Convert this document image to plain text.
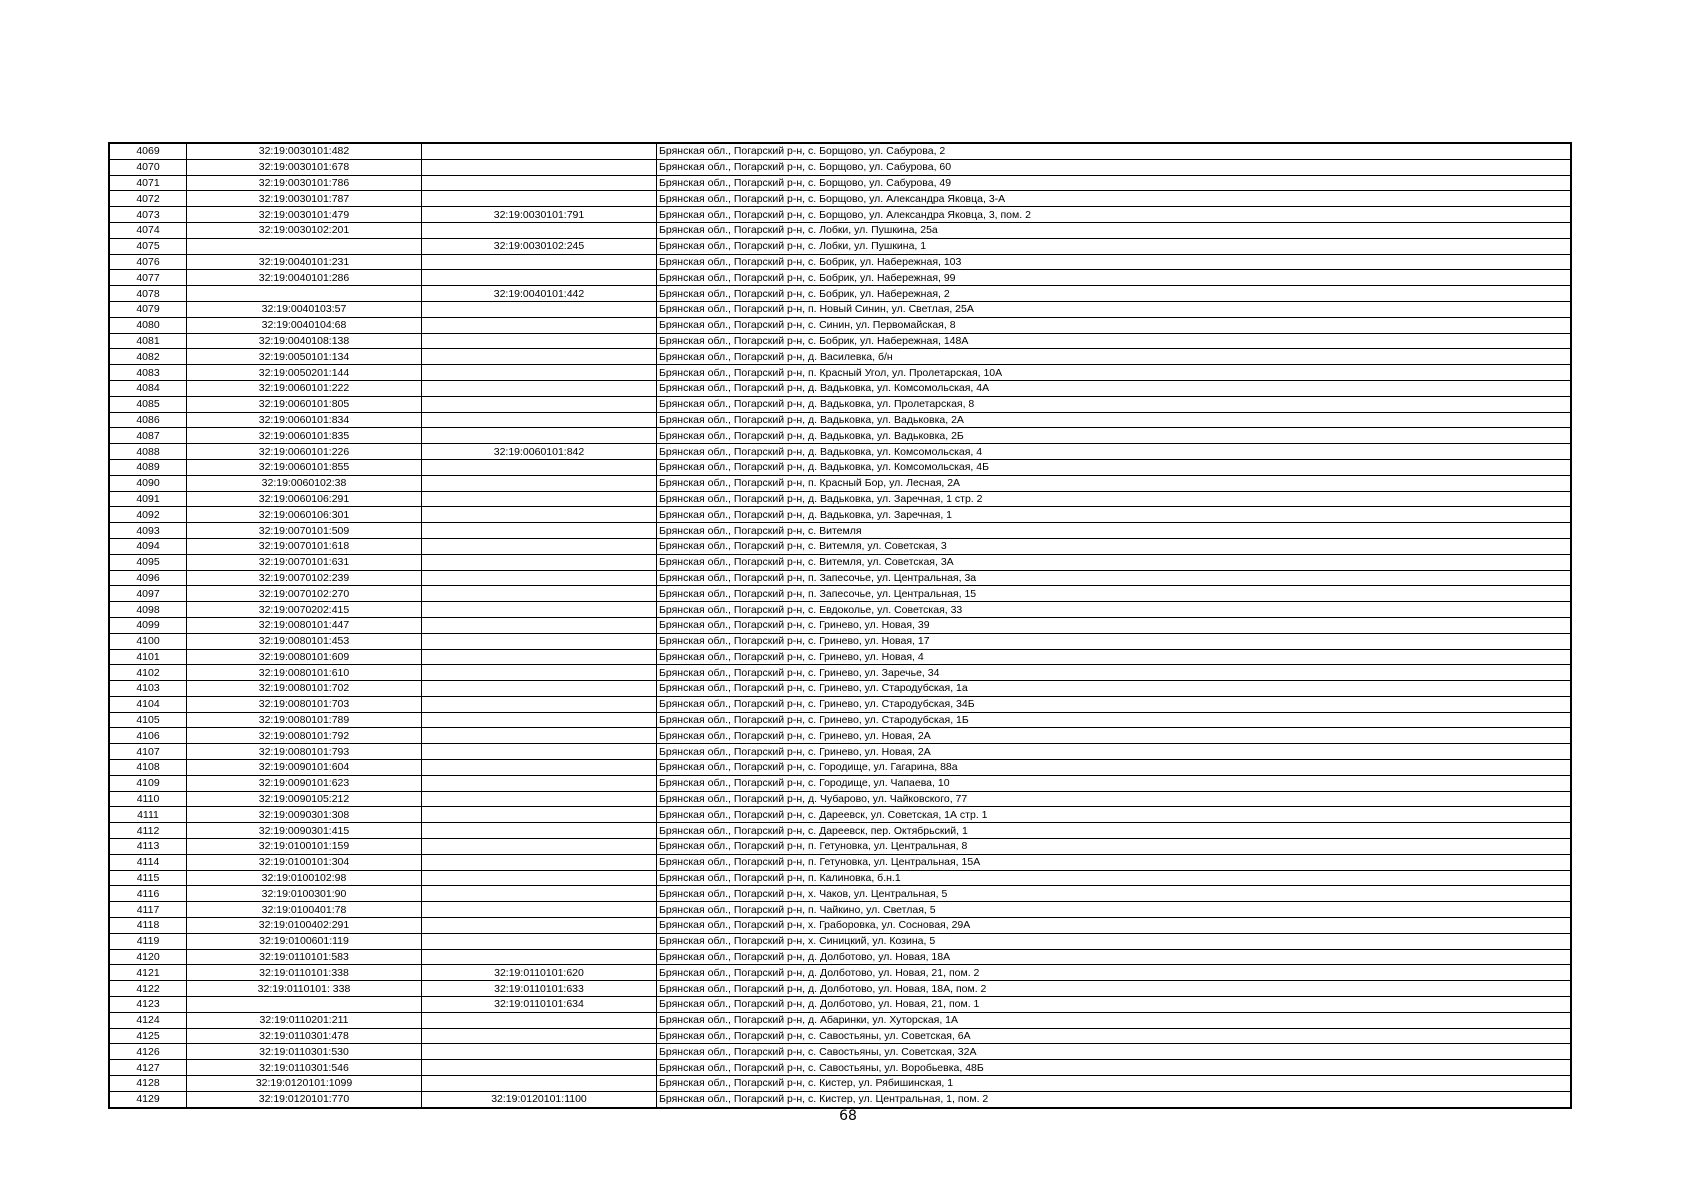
4069	32:19:0030101:482		Брянская обл., Погарский р-н, с. Борщово, ул. Сабурова, 2
4070	32:19:0030101:678		Брянская обл., Погарский р-н, с. Борщово, ул. Сабурова, 60
4071	32:19:0030101:786		Брянская обл., Погарский р-н, с. Борщово, ул. Сабурова, 49
4072	32:19:0030101:787		Брянская обл., Погарский р-н, с. Борщово, ул. Александра Яковца, 3-А
4073	32:19:0030101:479	32:19:0030101:791	Брянская обл., Погарский р-н, с. Борщово, ул. Александра Яковца, 3, пом. 2
4074	32:19:0030102:201		Брянская обл., Погарский р-н, с. Лобки, ул. Пушкина, 25а
4075		32:19:0030102:245	Брянская обл., Погарский р-н, с. Лобки, ул. Пушкина, 1
4076	32:19:0040101:231		Брянская обл., Погарский р-н, с. Бобрик, ул. Набережная, 103
4077	32:19:0040101:286		Брянская обл., Погарский р-н, с. Бобрик, ул. Набережная, 99
4078		32:19:0040101:442	Брянская обл., Погарский р-н, с. Бобрик, ул. Набережная, 2
4079	32:19:0040103:57		Брянская обл., Погарский р-н, п. Новый Синин, ул. Светлая, 25А
4080	32:19:0040104:68		Брянская обл., Погарский р-н, с. Синин, ул. Первомайская, 8
4081	32:19:0040108:138		Брянская обл., Погарский р-н, с. Бобрик, ул. Набережная, 148А
4082	32:19:0050101:134		Брянская обл., Погарский р-н, д. Василевка, б/н
4083	32:19:0050201:144		Брянская обл., Погарский р-н, п. Красный Угол, ул. Пролетарская, 10А
4084	32:19:0060101:222		Брянская обл., Погарский р-н, д. Вадьковка, ул. Комсомольская, 4А
4085	32:19:0060101:805		Брянская обл., Погарский р-н, д. Вадьковка, ул. Пролетарская, 8
4086	32:19:0060101:834		Брянская обл., Погарский р-н, д. Вадьковка, ул. Вадьковка, 2А
4087	32:19:0060101:835		Брянская обл., Погарский р-н, д. Вадьковка, ул. Вадьковка, 2Б
4088	32:19:0060101:226	32:19:0060101:842	Брянская обл., Погарский р-н, д. Вадьковка, ул. Комсомольская, 4
4089	32:19:0060101:855		Брянская обл., Погарский р-н, д. Вадьковка, ул. Комсомольская, 4Б
4090	32:19:0060102:38		Брянская обл., Погарский р-н, п. Красный Бор, ул. Лесная, 2А
4091	32:19:0060106:291		Брянская обл., Погарский р-н, д. Вадьковка, ул. Заречная, 1 стр. 2
4092	32:19:0060106:301		Брянская обл., Погарский р-н, д. Вадьковка, ул. Заречная, 1
4093	32:19:0070101:509		Брянская обл., Погарский р-н, с. Витемля
4094	32:19:0070101:618		Брянская обл., Погарский р-н, с. Витемля, ул. Советская, 3
4095	32:19:0070101:631		Брянская обл., Погарский р-н, с. Витемля, ул. Советская, 3А
4096	32:19:0070102:239		Брянская обл., Погарский р-н, п. Запесочье, ул. Центральная, 3а
4097	32:19:0070102:270		Брянская обл., Погарский р-н, п. Запесочье, ул. Центральная, 15
4098	32:19:0070202:415		Брянская обл., Погарский р-н, с. Евдоколье, ул. Советская, 33
4099	32:19:0080101:447		Брянская обл., Погарский р-н, с. Гринево, ул. Новая, 39
4100	32:19:0080101:453		Брянская обл., Погарский р-н, с. Гринево, ул. Новая, 17
4101	32:19:0080101:609		Брянская обл., Погарский р-н, с. Гринево, ул. Новая, 4
4102	32:19:0080101:610		Брянская обл., Погарский р-н, с. Гринево, ул. Заречье, 34
4103	32:19:0080101:702		Брянская обл., Погарский р-н, с. Гринево, ул. Стародубская, 1а
4104	32:19:0080101:703		Брянская обл., Погарский р-н, с. Гринево, ул. Стародубская, 34Б
4105	32:19:0080101:789		Брянская обл., Погарский р-н, с. Гринево, ул. Стародубская, 1Б
4106	32:19:0080101:792		Брянская обл., Погарский р-н, с. Гринево, ул. Новая, 2А
4107	32:19:0080101:793		Брянская обл., Погарский р-н, с. Гринево, ул. Новая, 2А
4108	32:19:0090101:604		Брянская обл., Погарский р-н, с. Городище, ул. Гагарина, 88а
4109	32:19:0090101:623		Брянская обл., Погарский р-н, с. Городище, ул. Чапаева, 10
4110	32:19:0090105:212		Брянская обл., Погарский р-н, д. Чубарово, ул. Чайковского, 77
4111	32:19:0090301:308		Брянская обл., Погарский р-н, с. Дареевск, ул. Советская, 1А стр. 1
4112	32:19:0090301:415		Брянская обл., Погарский р-н, с. Дареевск, пер. Октябрьский, 1
4113	32:19:0100101:159		Брянская обл., Погарский р-н, п. Гетуновка, ул. Центральная, 8
4114	32:19:0100101:304		Брянская обл., Погарский р-н, п. Гетуновка, ул. Центральная, 15А
4115	32:19:0100102:98		Брянская обл., Погарский р-н, п. Калиновка, б.н.1
4116	32:19:0100301:90		Брянская обл., Погарский р-н, х. Чаков, ул. Центральная, 5
4117	32:19:0100401:78		Брянская обл., Погарский р-н, п. Чайкино, ул. Светлая, 5
4118	32:19:0100402:291		Брянская обл., Погарский р-н, х. Граборовка, ул. Сосновая, 29А
4119	32:19:0100601:119		Брянская обл., Погарский р-н, х. Синицкий, ул. Козина, 5
4120	32:19:0110101:583		Брянская обл., Погарский р-н, д. Долботово, ул. Новая, 18А
4121	32:19:0110101:338	32:19:0110101:620	Брянская обл., Погарский р-н, д. Долботово, ул. Новая, 21, пом. 2
4122	32:19:0110101: 338	32:19:0110101:633	Брянская обл., Погарский р-н, д. Долботово, ул. Новая, 18А, пом. 2
4123		32:19:0110101:634	Брянская обл., Погарский р-н, д. Долботово, ул. Новая, 21, пом. 1
4124	32:19:0110201:211		Брянская обл., Погарский р-н, д. Абаринки, ул. Хуторская, 1А
4125	32:19:0110301:478		Брянская обл., Погарский р-н, с. Савостьяны, ул. Советская, 6А
4126	32:19:0110301:530		Брянская обл., Погарский р-н, с. Савостьяны, ул. Советская, 32А
4127	32:19:0110301:546		Брянская обл., Погарский р-н, с. Савостьяны, ул. Воробьевка, 48Б
4128	32:19:0120101:1099		Брянская обл., Погарский р-н, с. Кистер, ул. Рябишинская, 1
4129	32:19:0120101:770	32:19:0120101:1100	Брянская обл., Погарский р-н, с. Кистер, ул. Центральная, 1, пом. 2
68
